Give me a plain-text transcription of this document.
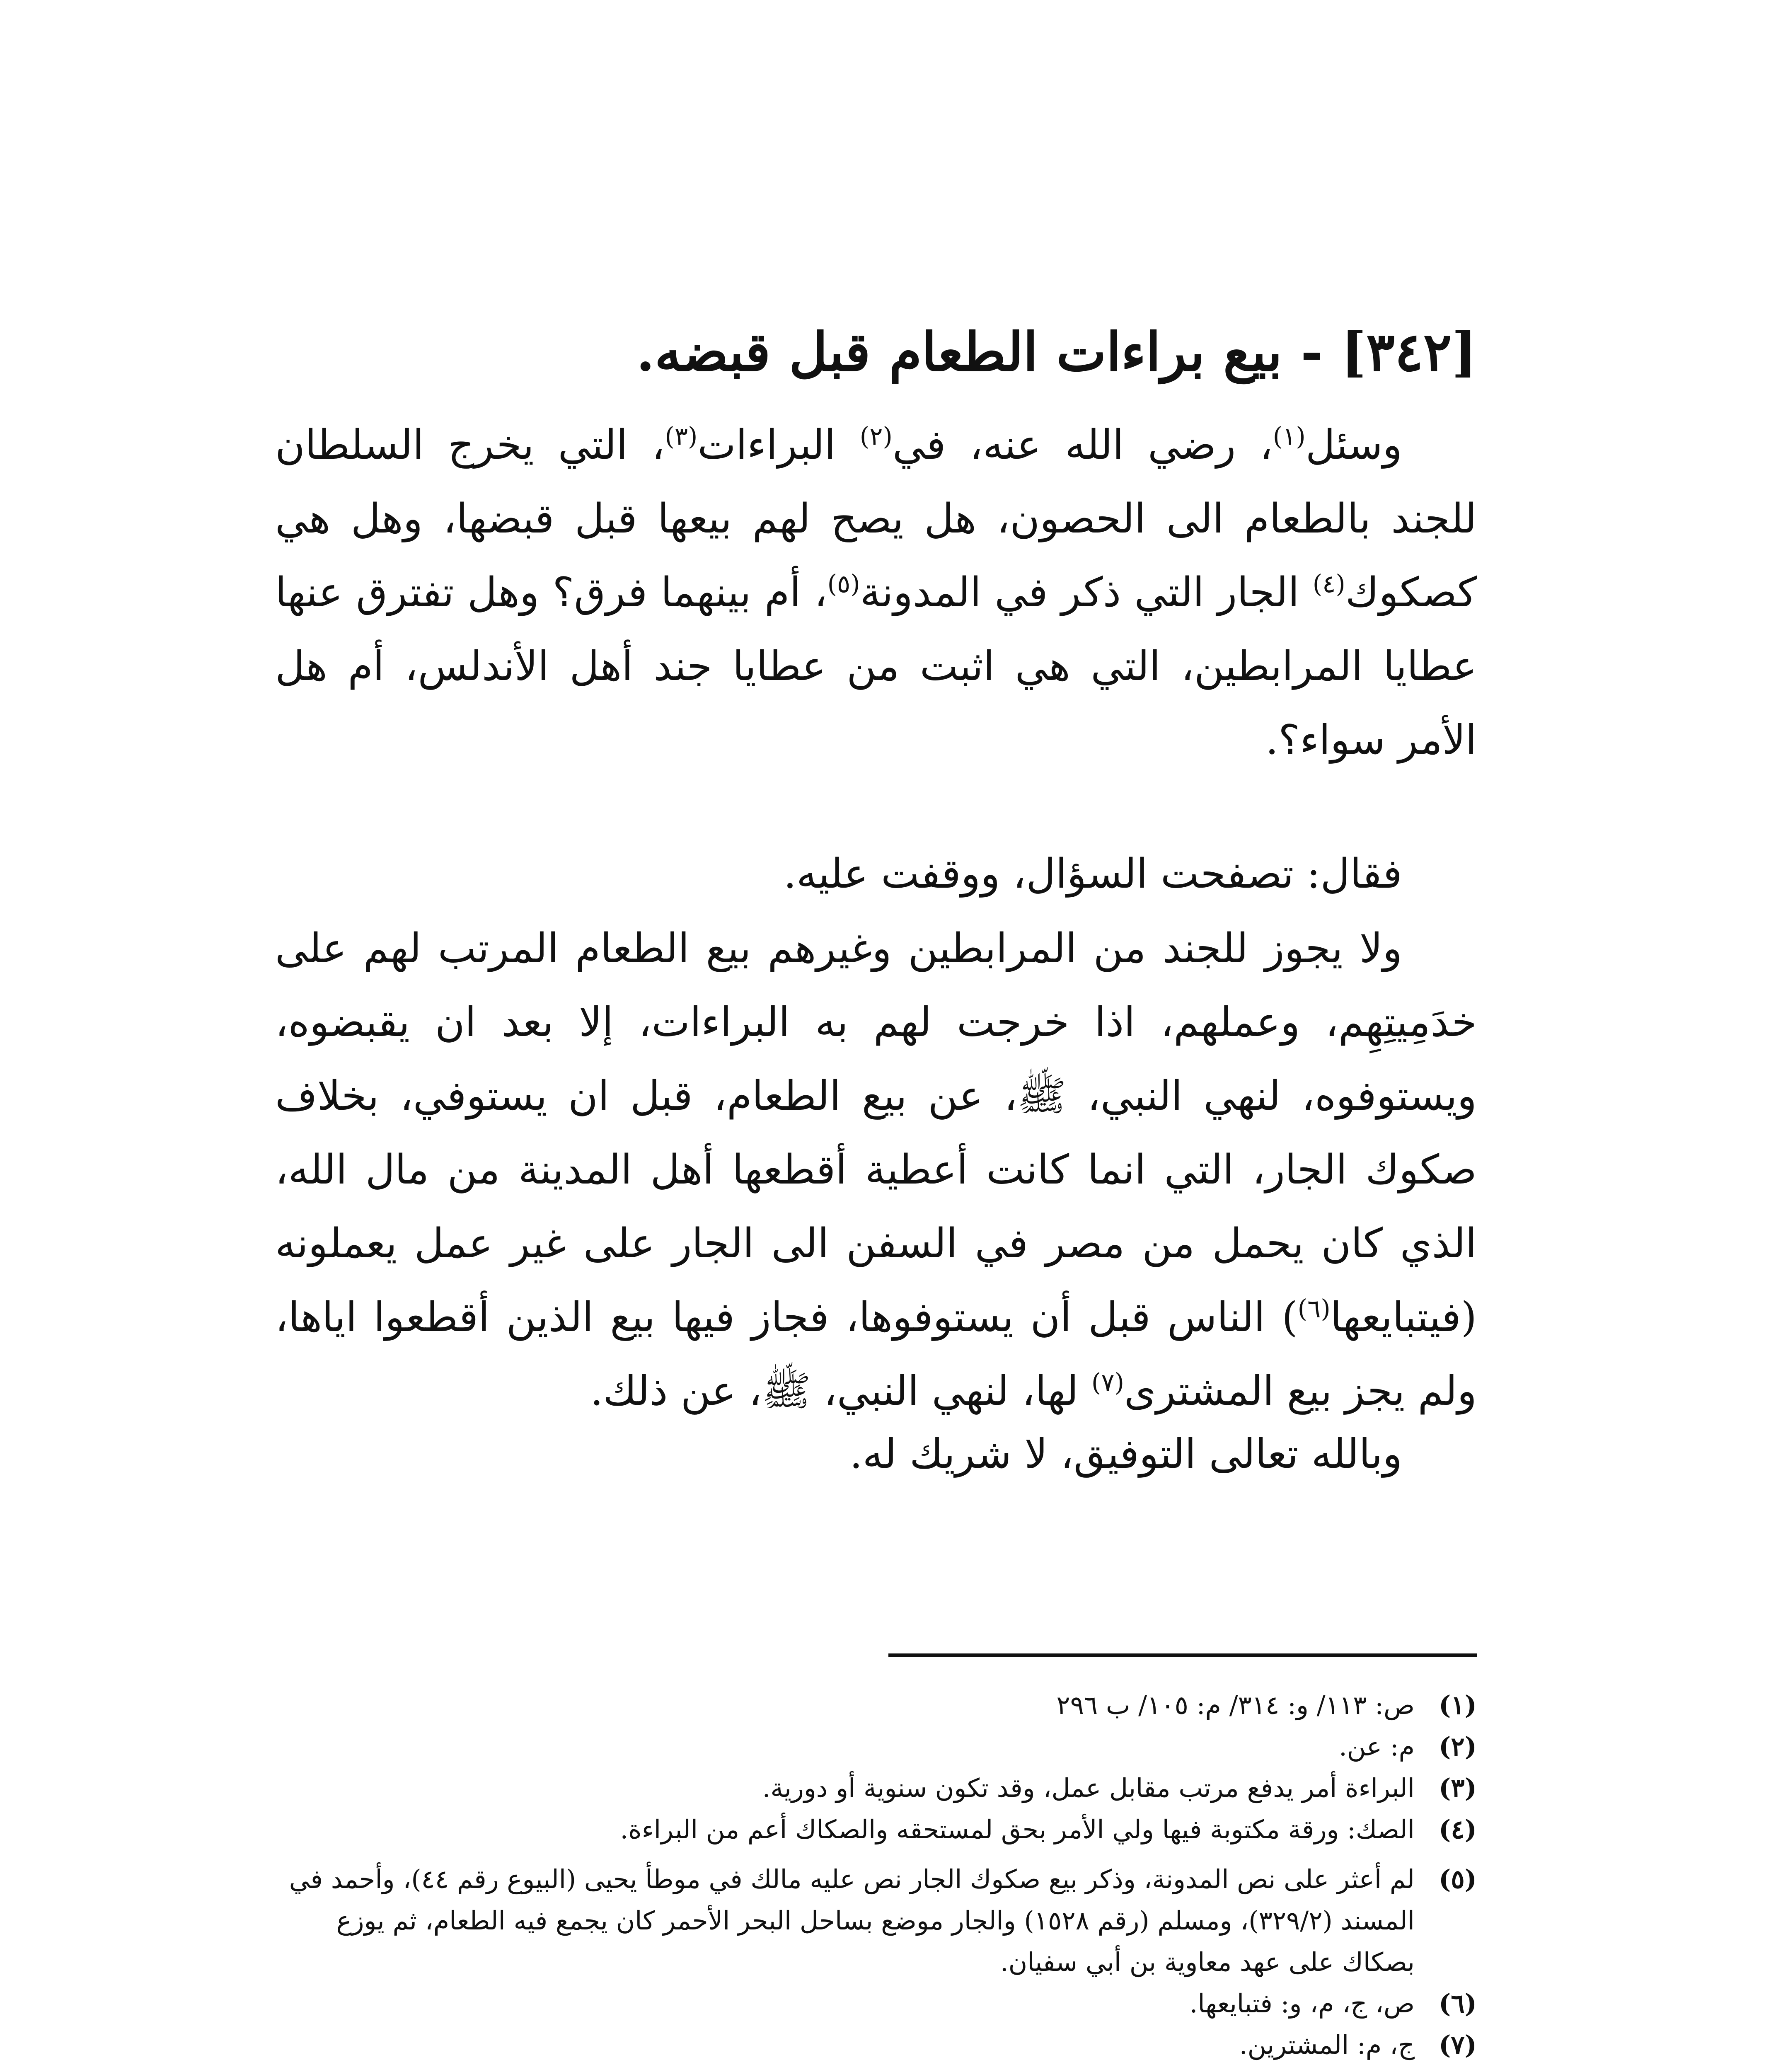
[٣٤٢] - بيع براءات الطعام قبل قبضه.
وسئل$^{(١)}$، رضي الله عنه، في$^{(٢)}$ البراءات$^{(٣)}$، التي يخرج السلطان للجند بالطعام الى الحصون، هل يصح لهم بيعها قبل قبضها، وهل هي كصكوك$^{(٤)}$ الجار التي ذكر في المدونة$^{(٥)}$، أم بينهما فرق؟ وهل تفترق عنها عطايا المرابطين، التي هي اثبت من عطايا جند أهل الأندلس، أم هل الأمر سواء؟.
فقال: تصفحت السؤال، ووقفت عليه.
ولا يجوز للجند من المرابطين وغيرهم بيع الطعام المرتب لهم على خدَمِيتِهِم، وعملهم، اذا خرجت لهم به البراءات، إلا بعد ان يقبضوه، ويستوفوه، لنهي النبي، ﷺ، عن بيع الطعام، قبل ان يستوفي، بخلاف صكوك الجار، التي انما كانت أعطية أقطعها أهل المدينة من مال الله، الذي كان يحمل من مصر في السفن الى الجار على غير عمل يعملونه (فيتبايعها$^{(٦)}$) الناس قبل أن يستوفوها، فجاز فيها بيع الذين أقطعوا اياها، ولم يجز بيع المشترى$^{(٧)}$ لها، لنهي النبي، ﷺ، عن ذلك.
وبالله تعالى التوفيق، لا شريك له.
(١)
ص: ١١٣/ و: ٣١٤/ م: ١٠٥/ ب ٢٩٦
(٢)
م: عن.
(٣)
البراءة أمر يدفع مرتب مقابل عمل، وقد تكون سنوية أو دورية.
(٤)
الصك: ورقة مكتوبة فيها ولي الأمر بحق لمستحقه والصكاك أعم من البراءة.
(٥)
لم أعثر على نص المدونة، وذكر بيع صكوك الجار نص عليه مالك في موطأ يحيى (البيوع رقم ٤٤)، وأحمد في المسند (٣٢٩/٢)، ومسلم (رقم ١٥٢٨) والجار موضع بساحل البحر الأحمر كان يجمع فيه الطعام، ثم يوزع بصكاك على عهد معاوية بن أبي سفيان.
(٦)
ص، ج، م، و: فتبايعها.
(٧)
ج، م: المشترين.
